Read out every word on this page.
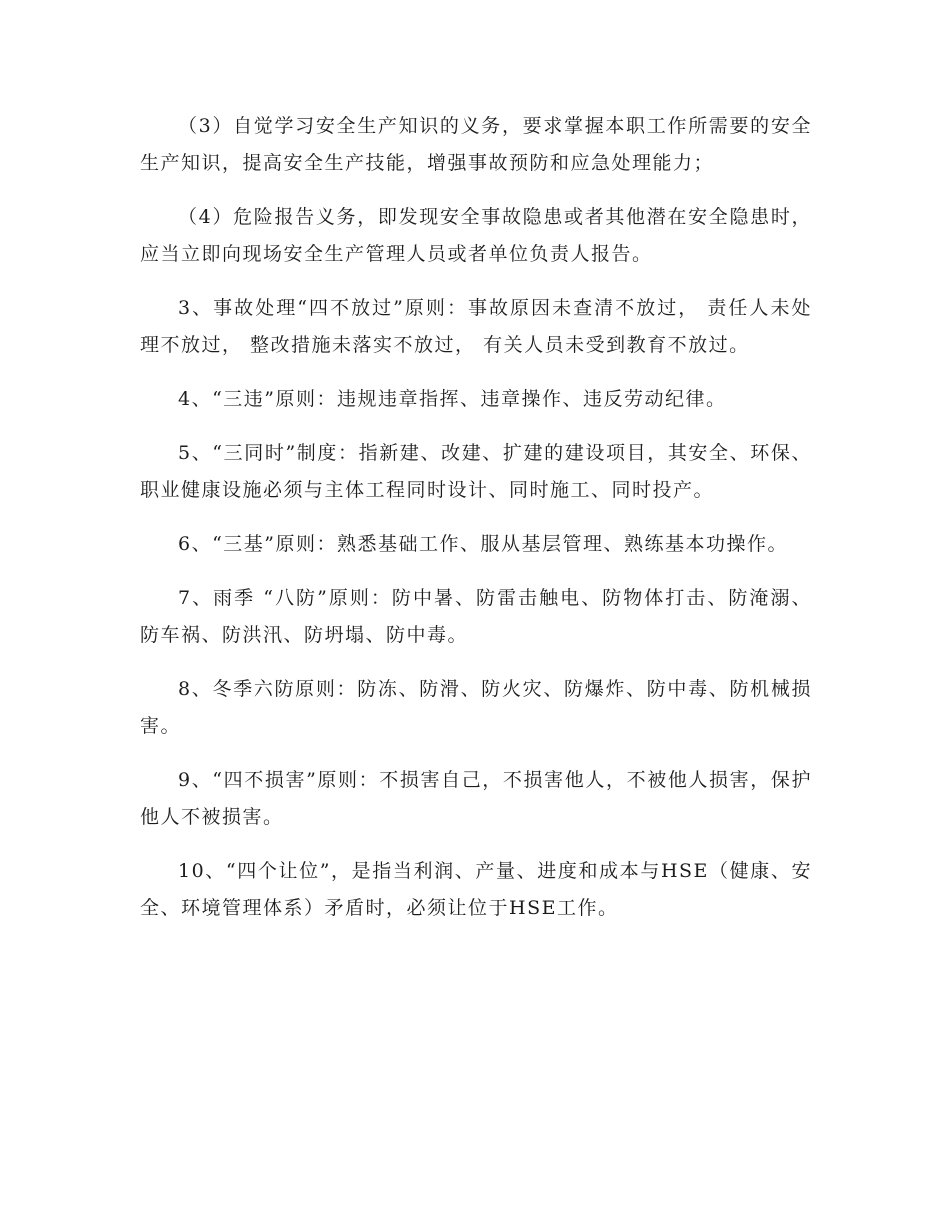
（3）自觉学习安全生产知识的义务，要求掌握本职工作所需要的安全生产知识，提高安全生产技能，增强事故预防和应急处理能力；

（4）危险报告义务，即发现安全事故隐患或者其他潜在安全隐患时，应当立即向现场安全生产管理人员或者单位负责人报告。

3、事故处理“四不放过”原则：事故原因未查清不放过， 责任人未处理不放过， 整改措施未落实不放过， 有关人员未受到教育不放过。

4、“三违”原则：违规违章指挥、违章操作、违反劳动纪律。

5、“三同时”制度：指新建、改建、扩建的建设项目，其安全、环保、职业健康设施必须与主体工程同时设计、同时施工、同时投产。

6、“三基”原则：熟悉基础工作、服从基层管理、熟练基本功操作。

7、雨季 “八防”原则：防中暑、防雷击触电、防物体打击、防淹溺、防车祸、防洪汛、防坍塌、防中毒。

8、冬季六防原则：防冻、防滑、防火灾、防爆炸、防中毒、防机械损害。

9、“四不损害”原则：不损害自己，不损害他人，不被他人损害，保护他人不被损害。

10、“四个让位”，是指当利润、产量、进度和成本与HSE（健康、安全、环境管理体系）矛盾时，必须让位于HSE工作。
